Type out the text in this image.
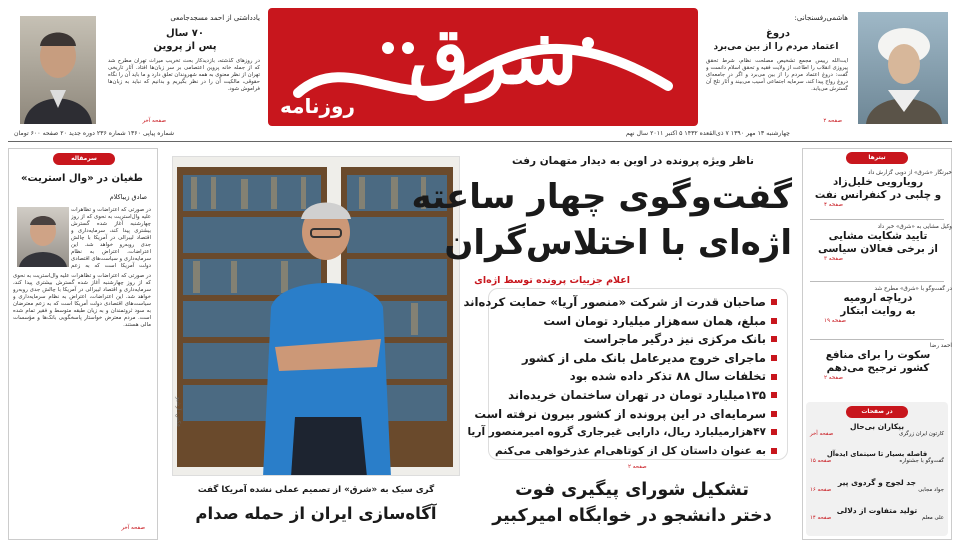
شرق
روزنامه
چهارشنبه ۱۳ مهر ۱۳۹۰ ۷ ذی‌القعده ۱۴۳۲ ۵ اکتبر ۲۰۱۱ سال نهم
شماره پیاپی ۱۳۶۰ شماره ۲۳۶ دوره جدید ۲۰ صفحه ۶۰۰ تومان
هاشمی‌رفسنجانی:
دروغ
اعتماد مردم را از بین می‌برد
آیت‌الله رییس مجمع تشخیص مصلحت نظام، شرط تحقق پیروزی انقلاب را اطاعت از ولایت فقیه و تحقق اسلام دانست و گفت: دروغ اعتماد مردم را از بین می‌برد و اگر در جامعه‌ای دروغ رواج پیدا کند، سرمایه اجتماعی آسیب می‌بیند و آثار تلخ آن گسترش می‌یابد.
صفحه ۲
یادداشتی از احمد مسجدجامعی
۷۰ سال
پس از پروین
در روزهای گذشته، بازدیدکار بحث تخریب میراث تهران مطرح شد که از جمله خانه پروین اعتصامی بر سر زبان‌ها افتاد. آثار تاریخی تهران از نظر معنوی به همه شهروندان تعلق دارد و ما باید آن را نگاه حقوقی، مالکیت آن را در نظر بگیریم و بدانیم که نباید به زبان‌ها فراموش شود.
صفحه آخر
سرمقاله
طغیان در «وال استریت»
صادق زیباکلام
در صورتی که اعتراضات و تظاهرات علیه وال‌استریت به نحوی که از روز چهارشنبه آغاز شده گسترش بیشتری پیدا کند، سرمایه‌داری و اقتصاد لیبرالی در آمریکا با چالش جدی روبه‌رو خواهد شد. این اعتراضات، اعتراض به نظام سرمایه‌داری و سیاست‌های اقتصادی دولت آمریکا است که به زعم
در صورتی که اعتراضات و تظاهرات علیه وال‌استریت به نحوی که از روز چهارشنبه آغاز شده گسترش بیشتری پیدا کند، سرمایه‌داری و اقتصاد لیبرالی در آمریکا با چالش جدی روبه‌رو خواهد شد. این اعتراضات، اعتراض به نظام سرمایه‌داری و سیاست‌های اقتصادی دولت آمریکا است که به زعم معترضان به سود ثروتمندان و به زیان طبقه متوسط و فقیر تمام شده است. مردم معترض خواستار پاسخگویی بانک‌ها و مؤسسات مالی هستند.
صفحه آخر
عکس: آرشیو
گری سیک به «شرق» از تصمیم عملی نشده آمریکا گفت
آگاه‌سازی ایران از حمله صدام
ناظر ویژه پرونده در اوین به دیدار متهمان رفت
گفت‌وگوی چهار ساعته
اژه‌ای با اختلاس‌گران
اعلام جزییات پرونده توسط اژه‌ای
صاحبان قدرت از شرکت «منصور آریا» حمایت کرده‌اند
مبلغ، همان سه‌هزار میلیارد تومان است
بانک مرکزی نیز درگیر ماجراست
ماجرای خروج مدیرعامل بانک ملی از کشور
تخلفات سال ۸۸ تذکر داده شده بود
۱۳۵میلیارد تومان در تهران ساختمان خریده‌اند
سرمایه‌ای در این پرونده از کشور بیرون نرفته است
۴۷هزارمیلیارد ریال، دارایی غیرجاری گروه امیرمنصور آریا
به عنوان داستان کل از کوتاهی‌ام عذرخواهی می‌کنم
صفحه ۲
تشکیل شورای پیگیری فوت
دختر دانشجو در خوابگاه امیرکبیر
تیترها
خبرنگار «شرق» از دوبی گزارش داد
رویارویی خلیل‌زاد
و چلبی در کنفرانس نفت
صفحه ۴
وکیل مشایی به «شرق» خبر داد
تایید شکایت مشایی
از برخی فعالان سیاسی
صفحه ۳
در گفت‌وگو با «شرق» مطرح شد
دریاچه ارومیه
به روایت ابتکار
صفحه ۱۹
احمد رضا
سکوت را برای منافع
کشور ترجیح می‌دهم
صفحه ۲
در صفحات
بیکاران بی‌حال
کارتون ایران زرگری
صفحه آخر
فاصله بسیار تا سینمای ایده‌آل
گفت‌وگو با جشنواره
صفحه ۱۵
جد لجوج و گردوی پیر
جواد مجابی
صفحه ۱۶
تولید متفاوت از دلالی
علی معلم
صفحه ۱۴
